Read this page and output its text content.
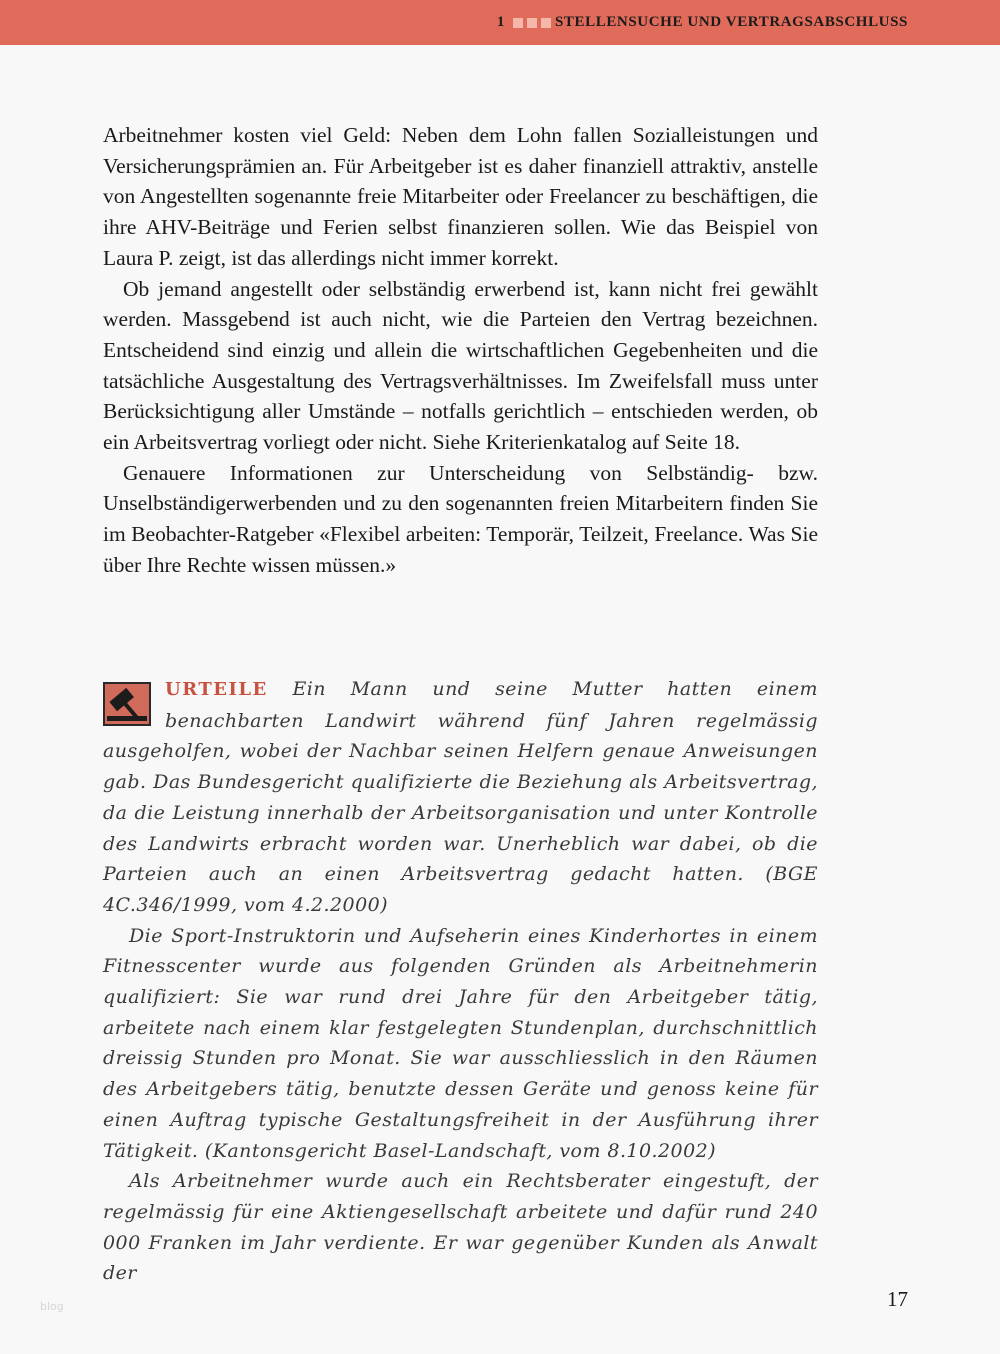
1	STELLENSUCHE UND VERTRAGSABSCHLUSS

Arbeitnehmer kosten viel Geld: Neben dem Lohn fallen Sozialleistungen und Versicherungsprämien an. Für Arbeitgeber ist es daher finanziell attraktiv, anstelle von Angestellten sogenannte freie Mitarbeiter oder Freelancer zu beschäftigen, die ihre AHV-Beiträge und Ferien selbst finanzieren sollen. Wie das Beispiel von Laura P. zeigt, ist das allerdings nicht immer korrekt.

Ob jemand angestellt oder selbständig erwerbend ist, kann nicht frei gewählt werden. Massgebend ist auch nicht, wie die Parteien den Vertrag bezeichnen. Entscheidend sind einzig und allein die wirtschaftlichen Gegebenheiten und die tatsächliche Ausgestaltung des Vertragsverhältnisses. Im Zweifelsfall muss unter Berücksichtigung aller Umstände – notfalls gerichtlich – entschieden werden, ob ein Arbeitsvertrag vorliegt oder nicht. Siehe Kriterienkatalog auf Seite 18.

Genauere Informationen zur Unterscheidung von Selbständig- bzw. Unselbständigerwerbenden und zu den sogenannten freien Mitarbeitern finden Sie im Beobachter-Ratgeber «Flexibel arbeiten: Temporär, Teilzeit, Freelance. Was Sie über Ihre Rechte wissen müssen.»

URTEILE Ein Mann und seine Mutter hatten einem benachbarten Landwirt während fünf Jahren regelmässig ausgeholfen, wobei der Nachbar seinen Helfern genaue Anweisungen gab. Das Bundesgericht qualifizierte die Beziehung als Arbeitsvertrag, da die Leistung innerhalb der Arbeitsorganisation und unter Kontrolle des Landwirts erbracht worden war. Unerheblich war dabei, ob die Parteien auch an einen Arbeitsvertrag gedacht hatten. (BGE 4C.346/1999, vom 4.2.2000)

Die Sport-Instruktorin und Aufseherin eines Kinderhortes in einem Fitnesscenter wurde aus folgenden Gründen als Arbeitnehmerin qualifiziert: Sie war rund drei Jahre für den Arbeitgeber tätig, arbeitete nach einem klar festgelegten Stundenplan, durchschnittlich dreissig Stunden pro Monat. Sie war ausschliesslich in den Räumen des Arbeitgebers tätig, benutzte dessen Geräte und genoss keine für einen Auftrag typische Gestaltungsfreiheit in der Ausführung ihrer Tätigkeit. (Kantonsgericht Basel-Landschaft, vom 8.10.2002)

Als Arbeitnehmer wurde auch ein Rechtsberater eingestuft, der regelmässig für eine Aktiengesellschaft arbeitete und dafür rund 240 000 Franken im Jahr verdiente. Er war gegenüber Kunden als Anwalt der

blog	17
